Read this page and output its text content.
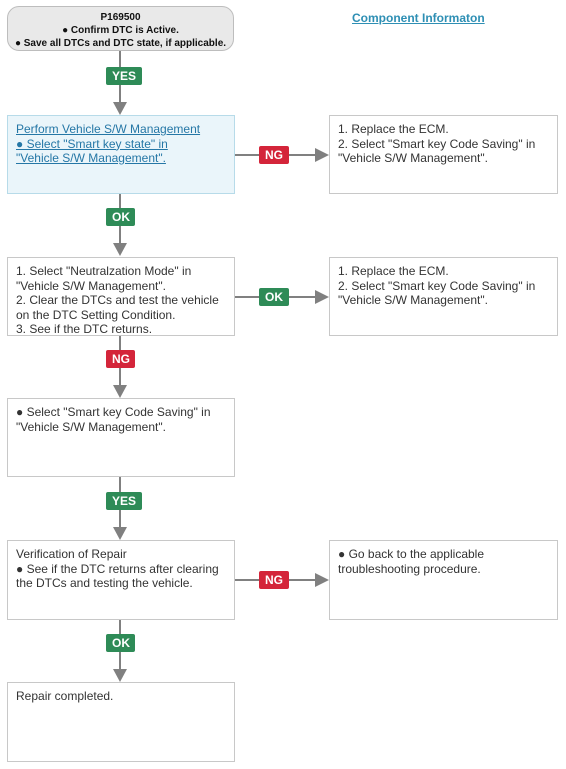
P169500
● Confirm DTC is Active.
● Save all DTCs and DTC state, if applicable.
Component Informaton
YES
NG
OK
OK
NG
YES
NG
OK
Perform Vehicle S/W Management
● Select "Smart key state" in
"Vehicle S/W Management".
1. Replace the ECM.
2. Select "Smart key Code Saving" in
"Vehicle S/W Management".
1. Select "Neutralzation Mode" in
"Vehicle S/W Management".
2. Clear the DTCs and test the vehicle
on the DTC Setting Condition.
3. See if the DTC returns.
1. Replace the ECM.
2. Select "Smart key Code Saving" in
"Vehicle S/W Management".
● Select "Smart key Code Saving" in
"Vehicle S/W Management".
Verification of Repair
● See if the DTC returns after clearing
the DTCs and testing the vehicle.
● Go back to the applicable
troubleshooting procedure.
Repair completed.
